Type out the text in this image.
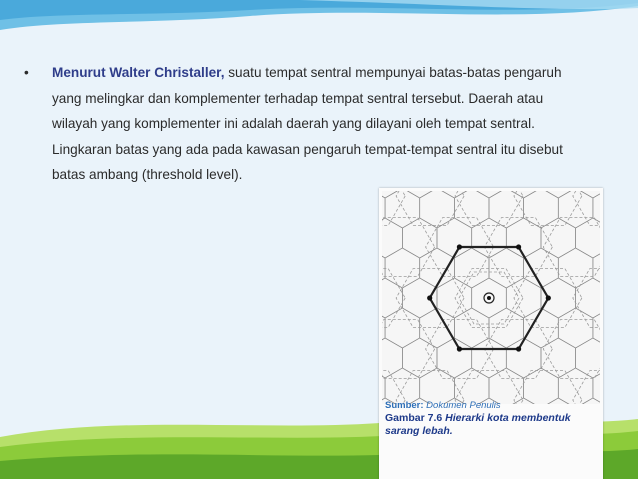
• Menurut Walter Christaller, suatu tempat sentral mempunyai batas-batas pengaruh yang melingkar dan komplementer terhadap tempat sentral tersebut. Daerah atau wilayah yang komplementer ini adalah daerah yang dilayani oleh tempat sentral. Lingkaran batas yang ada pada kawasan pengaruh tempat-tempat sentral itu disebut batas ambang (threshold level).
Sumber: Dokumen Penulis
Gambar 7.6 Hierarki kota membentuk sarang lebah.
